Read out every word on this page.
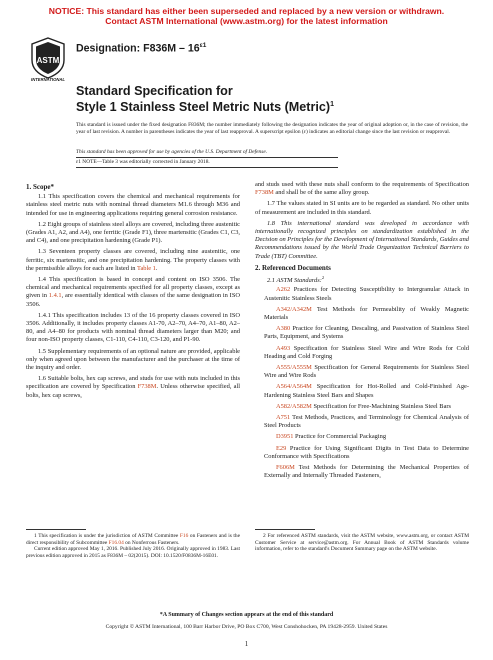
NOTICE: This standard has either been superseded and replaced by a new version or withdrawn.
Contact ASTM International (www.astm.org) for the latest information
ASTM
INTERNATIONAL
Designation: $F836M - 16^{\varepsilon 1}$
Standard Specification for
Style 1 Stainless Steel Metric Nuts (Metric)$^1$
This standard is issued under the fixed designation F836M; the number immediately following the designation indicates the year of original adoption or, in the case of revision, the year of last revision. A number in parentheses indicates the year of last reapproval. A superscript epsilon (ε) indicates an editorial change since the last revision or reapproval.
This standard has been approved for use by agencies of the U.S. Department of Defense.
ε1 NOTE—Table 3 was editorially corrected in January 2018.

1. Scope*

1.1 This specification covers the chemical and mechanical requirements for stainless steel metric nuts with nominal thread diameters M1.6 through M36 and intended for use in engineering applications requiring general corrosion resistance.

1.2 Eight groups of stainless steel alloys are covered, including three austenitic (Grades A1, A2, and A4), one ferritic (Grade F1), three martensitic (Grades C1, C3, and C4), and one precipitation hardening (Grade P1).

1.3 Seventeen property classes are covered, including nine austenitic, one ferritic, six martensitic, and one precipitation hardening. The property classes with the permissible alloys for each are listed in Table 1.

1.4 This specification is based in concept and content on ISO 3506. The chemical and mechanical requirements specified for all property classes, except as given in 1.4.1, are essentially identical with classes of the same designation in ISO 3506.

1.4.1 This specification includes 13 of the 16 property classes covered in ISO 3506. Additionally, it includes property classes A1-70, A2–70, A4–70, A1–80, A2–80, and A4–80 for products with nominal thread diameters larger than M20; and four non-ISO property classes, C1-110, C4-110, C3-120, and P1-90.

1.5 Supplementary requirements of an optional nature are provided, applicable only when agreed upon between the manufacturer and the purchaser at the time of the inquiry and order.

1.6 Suitable bolts, hex cap screws, and studs for use with nuts included in this specification are covered by Specification F738M. Unless otherwise specified, all bolts, hex cap screws,

and studs used with these nuts shall conform to the requirements of Specification F738M and shall be of the same alloy group.

1.7 The values stated in SI units are to be regarded as standard. No other units of measurement are included in this standard.

1.8 This international standard was developed in accordance with internationally recognized principles on standardization established in the Decision on Principles for the Development of International Standards, Guides and Recommendations issued by the World Trade Organization Technical Barriers to Trade (TBT) Committee.

2. Referenced Documents

2.1 ASTM Standards:$^2$

A262 Practices for Detecting Susceptibility to Intergranular Attack in Austenitic Stainless Steels

A342/A342M Test Methods for Permeability of Weakly Magnetic Materials

A380 Practice for Cleaning, Descaling, and Passivation of Stainless Steel Parts, Equipment, and Systems

A493 Specification for Stainless Steel Wire and Wire Rods for Cold Heading and Cold Forging

A555/A555M Specification for General Requirements for Stainless Steel Wire and Wire Rods

A564/A564M Specification for Hot-Rolled and Cold-Finished Age-Hardening Stainless Steel Bars and Shapes

A582/A582M Specification for Free-Machining Stainless Steel Bars

A751 Test Methods, Practices, and Terminology for Chemical Analysis of Steel Products

D3951 Practice for Commercial Packaging

E29 Practice for Using Significant Digits in Test Data to Determine Conformance with Specifications

F606M Test Methods for Determining the Mechanical Properties of Externally and Internally Threaded Fasteners,

1 This specification is under the jurisdiction of ASTM Committee F16 on Fasteners and is the direct responsibility of Subcommittee F16.04 on Nonferrous Fasteners.
Current edition approved May 1, 2016. Published July 2016. Originally approved in 1983. Last previous edition approved in 2015 as F836M – 02(2015). DOI: 10.1520/F0836M-16E01.
2 For referenced ASTM standards, visit the ASTM website, www.astm.org, or contact ASTM Customer Service at service@astm.org. For Annual Book of ASTM Standards volume information, refer to the standard's Document Summary page on the ASTM website.
*A Summary of Changes section appears at the end of this standard
Copyright © ASTM International, 100 Barr Harbor Drive, PO Box C700, West Conshohocken, PA 19428-2959. United States
1
